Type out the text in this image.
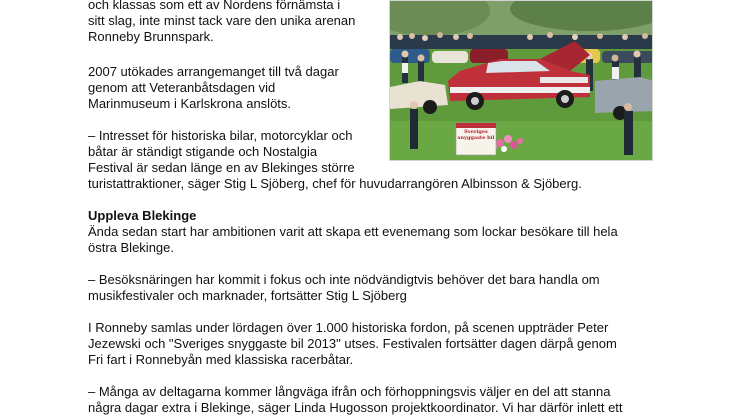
och klassas som ett av Nordens förnämsta i

sitt slag, inte minst tack vare den unika arenan

Ronneby Brunnspark.

2007 utökades arrangemanget till två dagar

genom att Veteranbåtsdagen vid

Marinmuseum i Karlskrona anslöts.

– Intresset för historiska bilar, motorcyklar och

båtar är ständigt stigande och Nostalgia

Festival är sedan länge en av Blekinges större

turistattraktioner, säger Stig L Sjöberg, chef för huvudarrangören Albinsson & Sjöberg.

Uppleva Blekinge

Ända sedan start har ambitionen varit att skapa ett evenemang som lockar besökare till hela

östra Blekinge.

– Besöksnäringen har kommit i fokus och inte nödvändigtvis behöver det bara handla om

musikfestivaler och marknader, fortsätter Stig L Sjöberg

I Ronneby samlas under lördagen över 1.000 historiska fordon, på scenen uppträder Peter

Jezewski och "Sveriges snyggaste bil 2013" utses. Festivalen fortsätter dagen därpå genom

Fri fart i Ronnebyån med klassiska racerbåtar.

– Många av deltagarna kommer långväga ifrån och förhoppningsvis väljer en del att stanna

några dagar extra i Blekinge, säger Linda Hugosson projektkoordinator. Vi har därför inlett ett

Sveriges
snyggaste bil
